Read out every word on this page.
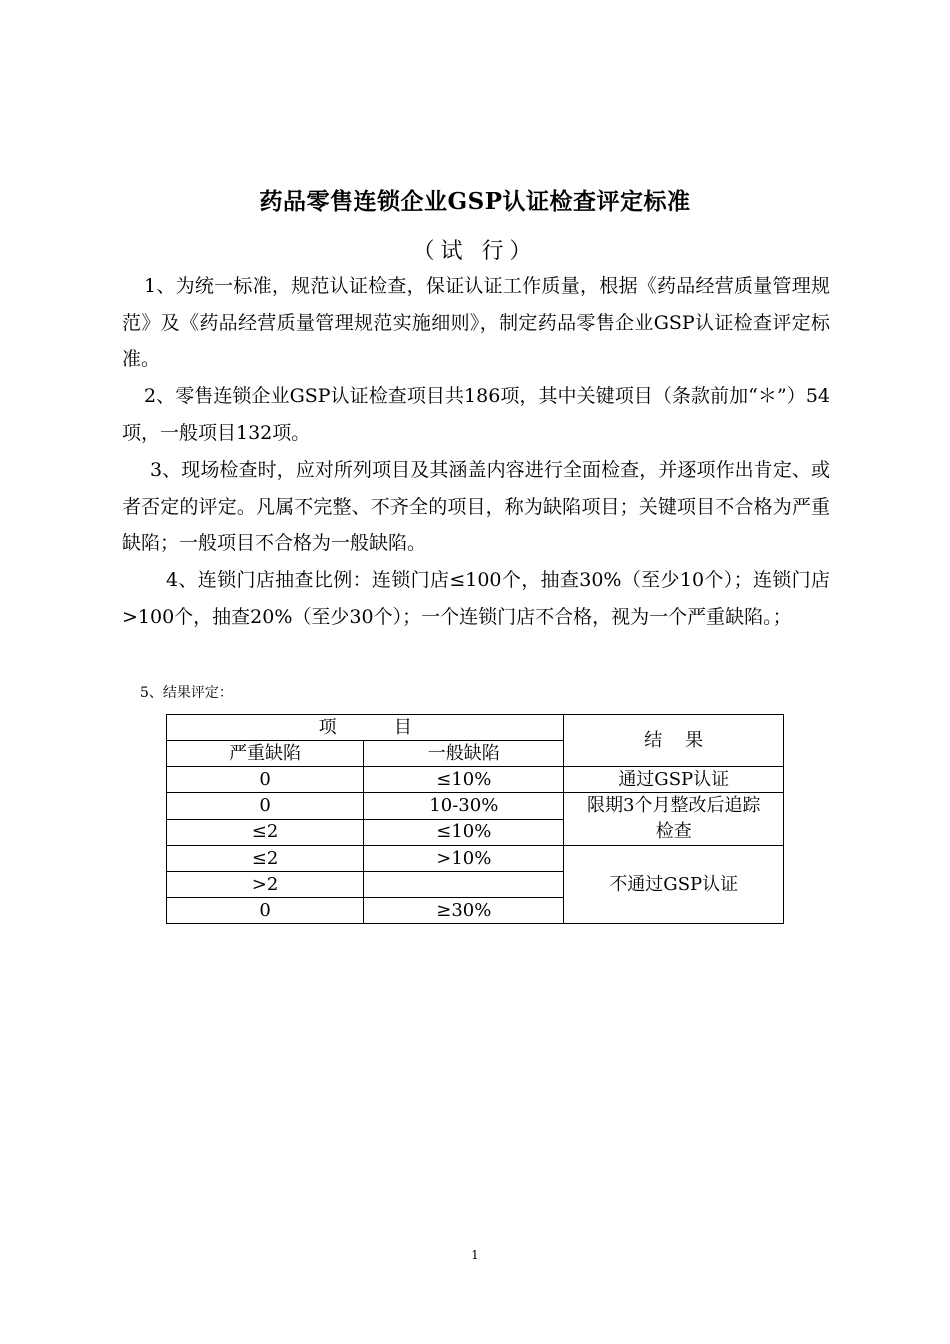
药品零售连锁企业GSP认证检查评定标准
（试 行）
1、为统一标准，规范认证检查，保证认证工作质量，根据《药品经营质量管理规范》及《药品经营质量管理规范实施细则》，制定药品零售企业GSP认证检查评定标准。
2、零售连锁企业GSP认证检查项目共186项，其中关键项目（条款前加“＊”）54项，一般项目132项。
3、现场检查时，应对所列项目及其涵盖内容进行全面检查，并逐项作出肯定、或者否定的评定。凡属不完整、不齐全的项目，称为缺陷项目；关键项目不合格为严重缺陷；一般项目不合格为一般缺陷。
4、连锁门店抽查比例：连锁门店≤100个，抽查30%（至少10个）；连锁门店>100个，抽查20%（至少30个）；一个连锁门店不合格，视为一个严重缺陷。；
5、结果评定：
项          目		结    果
严重缺陷	一般缺陷	
0	≤10%	通过GSP认证
0	10-30%	限期3个月整改后追踪检查
≤2	≤10%	
≤2	>10%	不通过GSP认证
>2		
0	≥30%	
1
